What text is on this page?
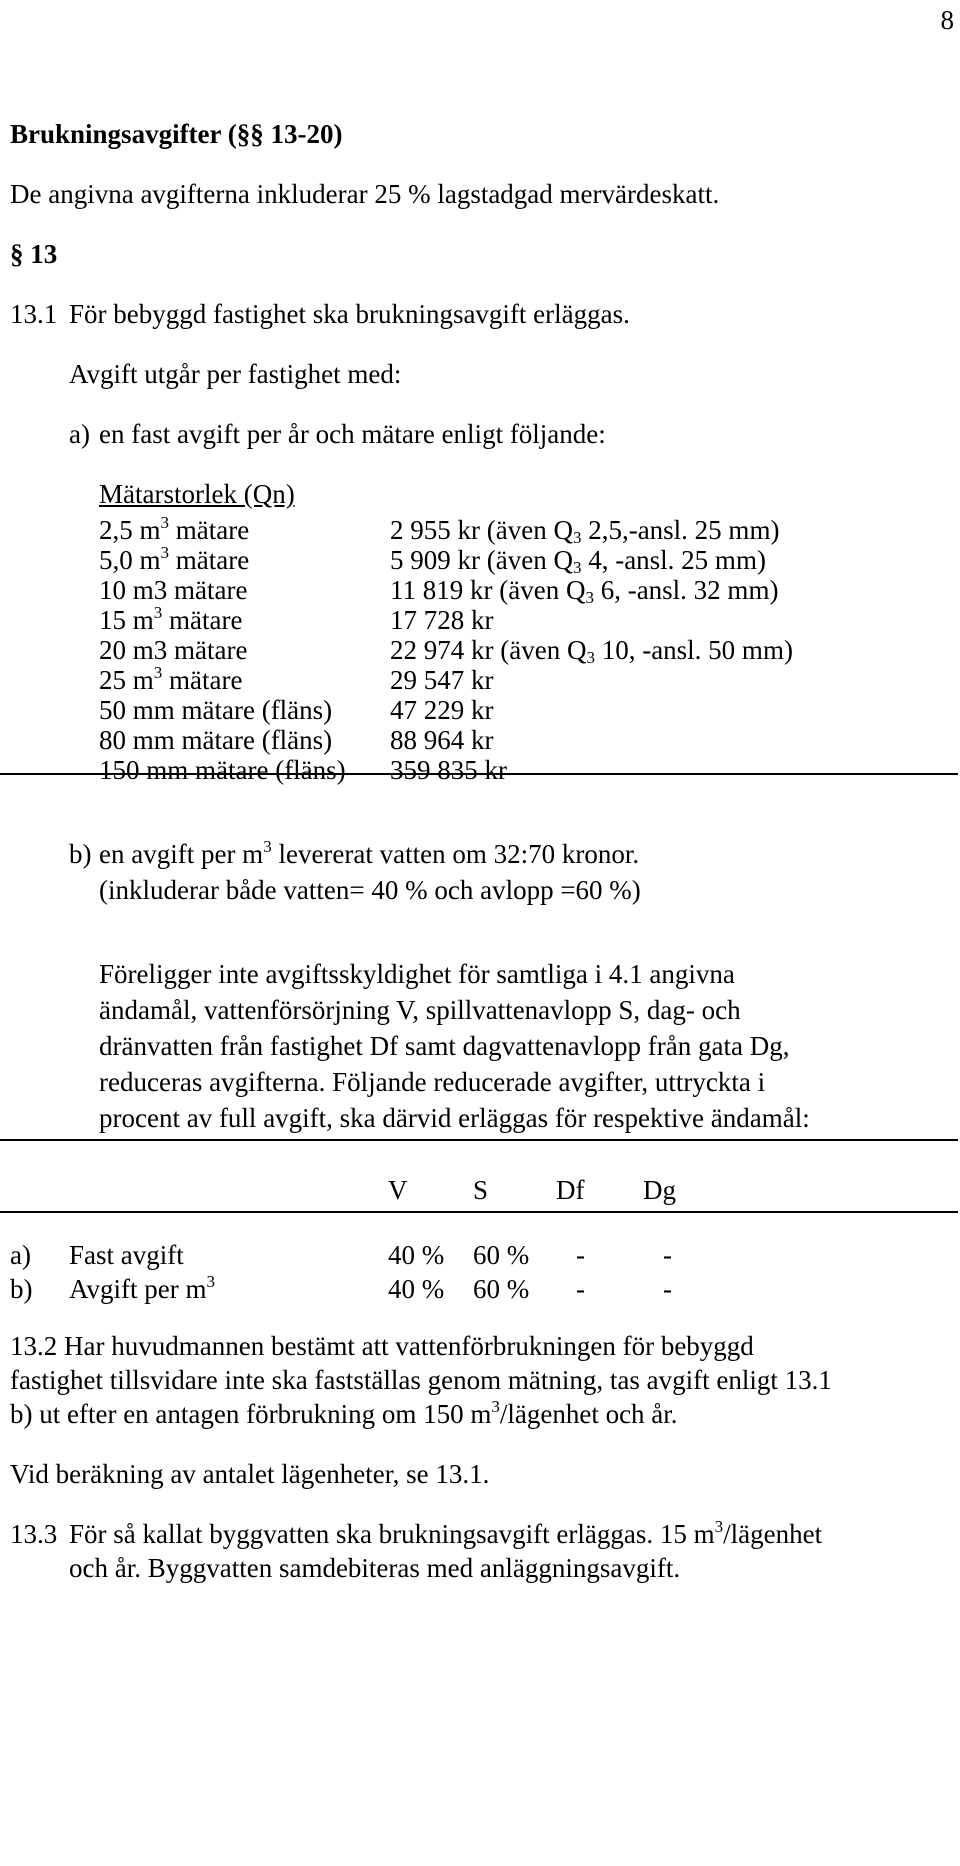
8
Brukningsavgifter (§§ 13-20)
De angivna avgifterna inkluderar 25 % lagstadgad mervärdeskatt.
§ 13
13.1 För bebyggd fastighet ska brukningsavgift erläggas.
Avgift utgår per fastighet med:
a) en fast avgift per år och mätare enligt följande:
Mätarstorlek (Qn)
2,5 $m^3$ mätare	2 955 kr (även $Q_3$ 2,5,-ansl. 25 mm)
5,0 $m^3$ mätare	5 909 kr (även $Q_3$ 4, -ansl. 25 mm)
10 m3 mätare	11 819 kr (även $Q_3$ 6, -ansl. 32 mm)
15 $m^3$ mätare	17 728 kr
20 m3 mätare	22 974 kr (även $Q_3$ 10, -ansl. 50 mm)
25 $m^3$ mätare	29 547 kr
50 mm mätare (fläns) 47 229 kr
80 mm mätare (fläns) 88 964 kr
150 mm mätare (fläns) 359 835 kr
b) en avgift per $m^3$ levererat vatten om 32:70 kronor.
(inkluderar både vatten= 40 % och avlopp =60 %)
Föreligger inte avgiftsskyldighet för samtliga i 4.1 angivna ändamål, vattenförsörjning V, spillvattenavlopp S, dag- och dränvatten från fastighet Df samt dagvattenavlopp från gata Dg, reduceras avgifterna. Följande reducerade avgifter, uttryckta i procent av full avgift, ska därvid erläggas för respektive ändamål:
V S	Df Dg
a) Fast avgift	40 % 60 % -	-
b) Avgift per $m^3$	40 % 60 % -	-
13.2 Har huvudmannen bestämt att vattenförbrukningen för bebyggd
fastighet tillsvidare inte ska fastställas genom mätning, tas avgift enligt 13.1
b) ut efter en antagen förbrukning om 150 $m^3$/lägenhet och år.
Vid beräkning av antalet lägenheter, se 13.1.
13.3 För så kallat byggvatten ska brukningsavgift erläggas. 15 $m^3$/lägenhet
och år. Byggvatten samdebiteras med anläggningsavgift.
